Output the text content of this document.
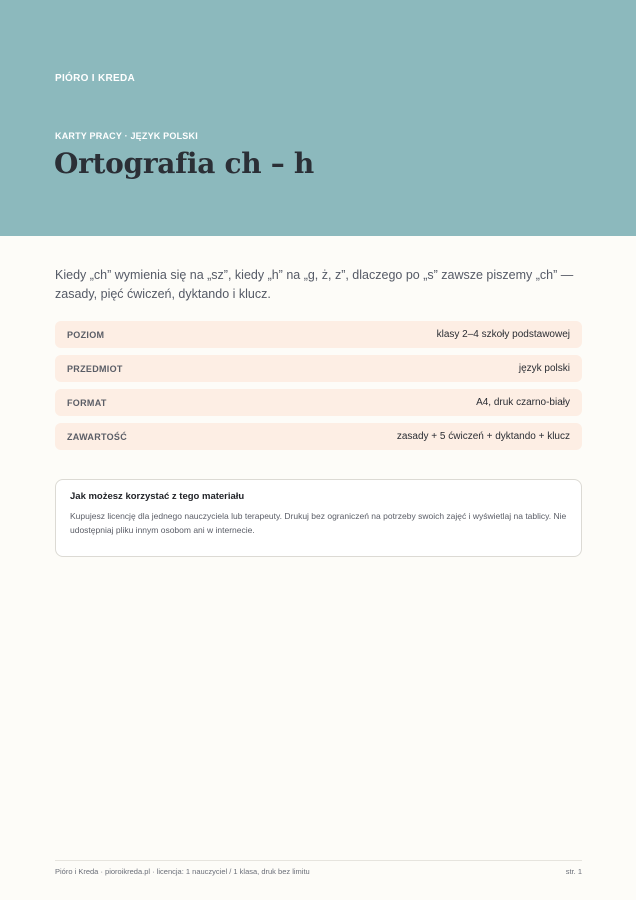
PIÓRO I KREDA
KARTY PRACY · JĘZYK POLSKI
Ortografia ch – h

Kiedy „ch” wymienia się na „sz”, kiedy „h” na „g, ż, z”, dlaczego po „s” zawsze piszemy „ch” — zasady, pięć ćwiczeń, dyktando i klucz.

POZIOM	klasy 2–4 szkoły podstawowej
PRZEDMIOT	język polski
FORMAT	A4, druk czarno-biały
ZAWARTOŚĆ	zasady + 5 ćwiczeń + dyktando + klucz
Jak możesz korzystać z tego materiału
Kupujesz licencję dla jednego nauczyciela lub terapeuty. Drukuj bez ograniczeń na potrzeby swoich zajęć i wyświetlaj na tablicy. Nie udostępniaj pliku innym osobom ani w internecie.
Pióro i Kreda · pioroikreda.pl · licencja: 1 nauczyciel / 1 klasa, druk bez limitu	str. 1
